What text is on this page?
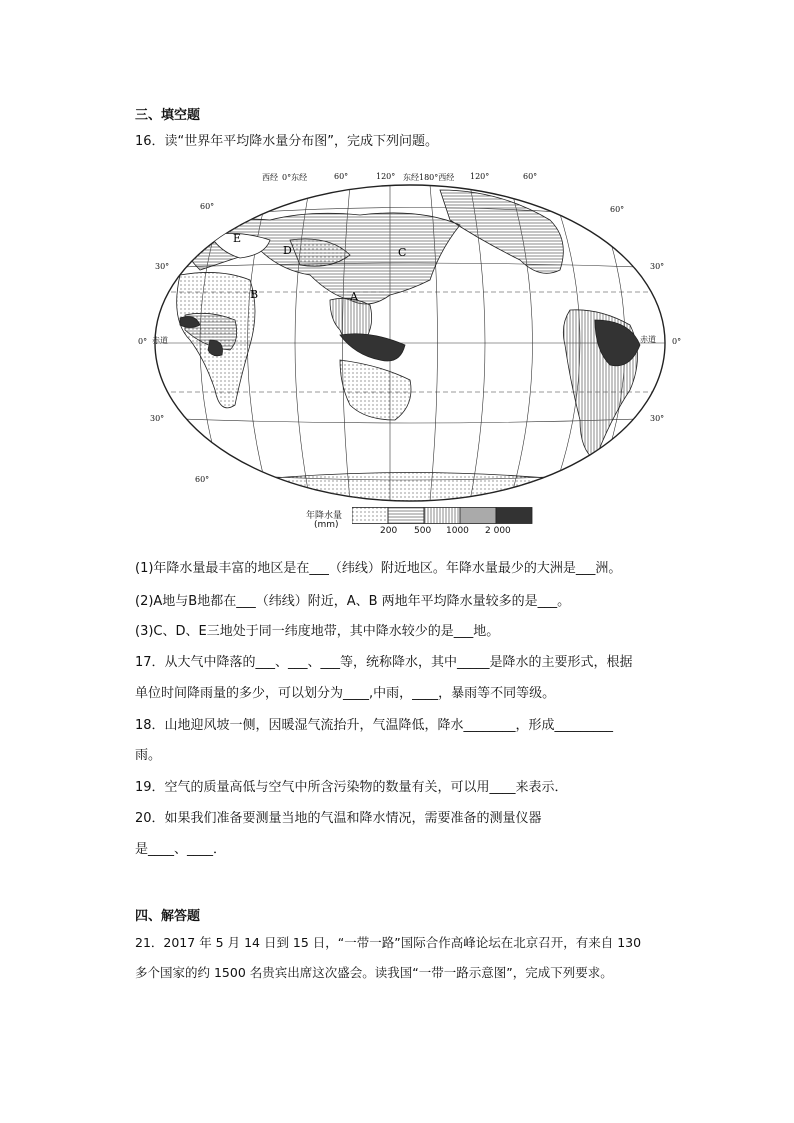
三、填空题
16．读“世界年平均降水量分布图”，完成下列问题。
西经 0°东经	60°	120° 东经180°西经 120°	60°
B	A
D
E
C
60°
30°
0° 赤道
30°
60°
60°
30°
赤道 0°
30°
年降水量
(mm)
200 500 1000 2 000
(1)年降水量最丰富的地区是在___（纬线）附近地区。年降水量最少的大洲是___洲。
(2)A地与B地都在___（纬线）附近，A、B 两地年平均降水量较多的是___。
(3)C、D、E三地处于同一纬度地带，其中降水较少的是___地。
17．从大气中降落的___、___、___等，统称降水，其中_____是降水的主要形式，根据
单位时间降雨量的多少，可以划分为____,中雨，____，暴雨等不同等级。
18．山地迎风坡一侧，因暖湿气流抬升，气温降低，降水________，形成_________
雨。
19．空气的质量高低与空气中所含污染物的数量有关，可以用____来表示．
20．如果我们准备要测量当地的气温和降水情况，需要准备的测量仪器
是____、____．
四、解答题
21．2017 年 5 月 14 日到 15 日，“一带一路”国际合作高峰论坛在北京召开，有来自 130
多个国家的约 1500 名贵宾出席这次盛会。读我国“一带一路示意图”，完成下列要求。
